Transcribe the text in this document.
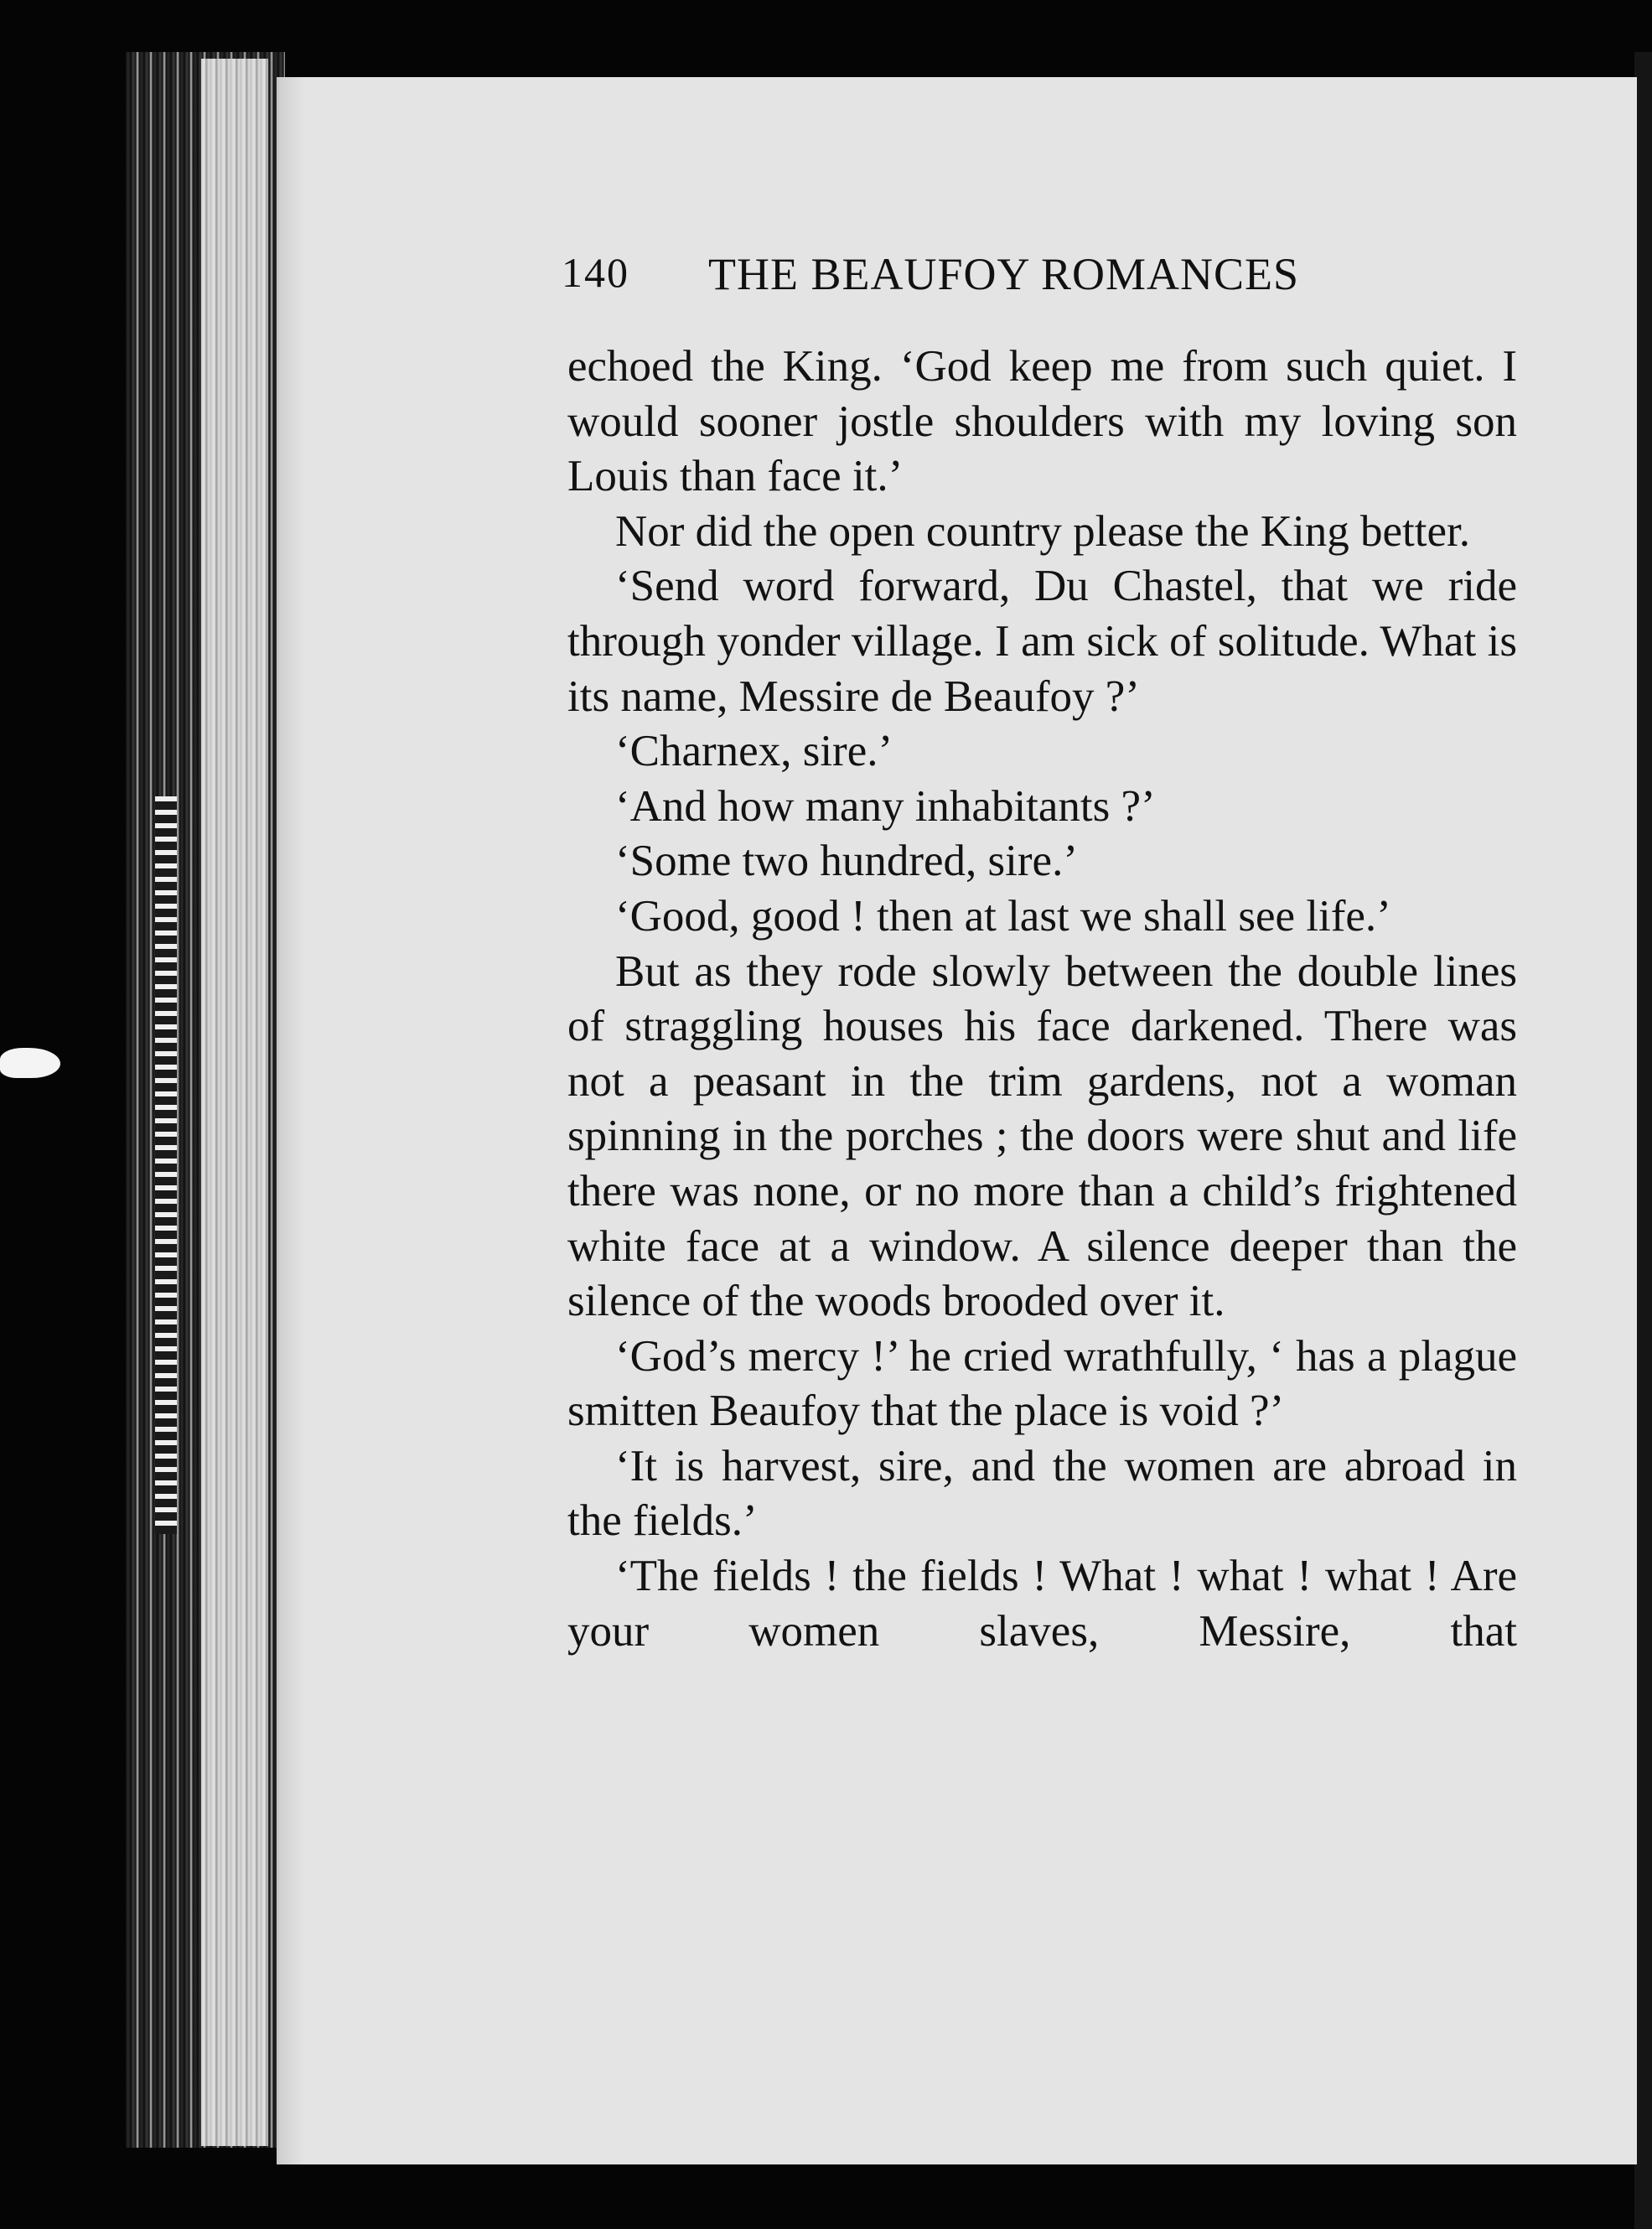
140 THE BEAUFOY ROMANCES

echoed the King. ‘God keep me from such quiet. I would sooner jostle shoulders with my loving son Louis than face it.’

Nor did the open country please the King better.

‘Send word forward, Du Chastel, that we ride through yonder village. I am sick of solitude. What is its name, Messire de Beaufoy ?’

‘Charnex, sire.’

‘And how many inhabitants ?’

‘Some two hundred, sire.’

‘Good, good ! then at last we shall see life.’

But as they rode slowly between the double lines of straggling houses his face darkened. There was not a peasant in the trim gardens, not a woman spinning in the porches ; the doors were shut and life there was none, or no more than a child’s frightened white face at a window. A silence deeper than the silence of the woods brooded over it.

‘God’s mercy !’ he cried wrathfully, ‘ has a plague smitten Beaufoy that the place is void ?’

‘It is harvest, sire, and the women are abroad in the fields.’

‘The fields ! the fields ! What ! what ! what ! Are your women slaves, Messire, that
